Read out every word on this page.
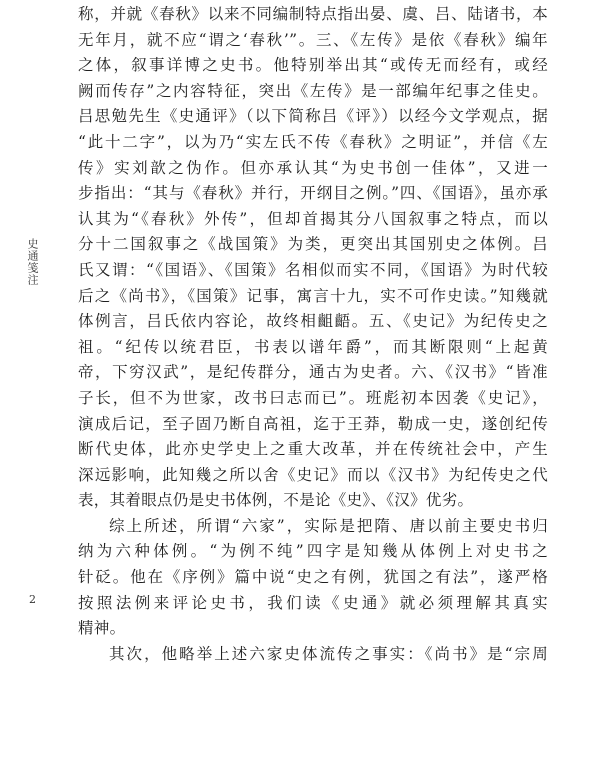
史通笺注
2
称，并就《春秋》以来不同编制特点指出晏、虞、吕、陆诸书，本
无年月，就不应“谓之‘春秋’”。三、《左传》是依《春秋》编年
之体，叙事详博之史书。他特别举出其“或传无而经有，或经
阙而传存”之内容特征，突出《左传》是一部编年纪事之佳史。
吕思勉先生《史通评》（以下简称吕《评》）以经今文学观点，据
“此十二字”，以为乃“实左氏不传《春秋》之明证”，并信《左
传》实刘歆之伪作。但亦承认其“为史书创一佳体”，又进一
步指出：“其与《春秋》并行，开纲目之例。”四、《国语》，虽亦承
认其为“《春秋》外传”，但却首揭其分八国叙事之特点，而以
分十二国叙事之《战国策》为类，更突出其国别史之体例。吕
氏又谓：“《国语》、《国策》名相似而实不同，《国语》为时代较
后之《尚书》，《国策》记事，寓言十九，实不可作史读。”知幾就
体例言，吕氏依内容论，故终相齟齬。五、《史记》为纪传史之
祖。“纪传以统君臣，书表以谱年爵”，而其断限则“上起黄
帝，下穷汉武”，是纪传群分，通古为史者。六、《汉书》“皆准
子长，但不为世家，改书曰志而已”。班彪初本因袭《史记》，
演成后记，至子固乃断自高祖，迄于王莽，勒成一史，遂创纪传
断代史体，此亦史学史上之重大改革，并在传统社会中，产生
深远影响，此知幾之所以舍《史记》而以《汉书》为纪传史之代
表，其着眼点仍是史书体例，不是论《史》、《汉》优劣。
综上所述，所谓“六家”，实际是把隋、唐以前主要史书归
纳为六种体例。“为例不纯”四字是知幾从体例上对史书之
针砭。他在《序例》篇中说“史之有例，犹国之有法”，遂严格
按照法例来评论史书，我们读《史通》就必须理解其真实
精神。
其次，他略举上述六家史体流传之事实：《尚书》是“宗周
